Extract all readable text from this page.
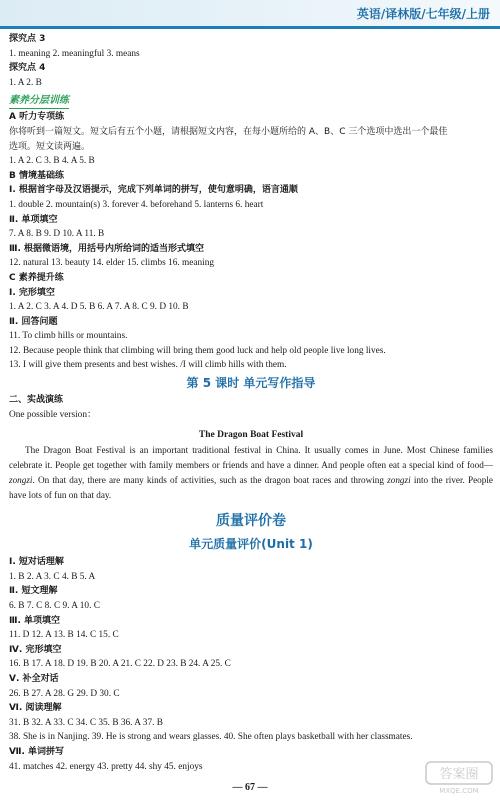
英语/译林版/七年级/上册
探究点 3
1. meaning 2. meaningful 3. means
探究点 4
1. A 2. B
素养分层训练
A 听力专项练
你将听到一篇短文。短文后有五个小题，请根据短文内容，在每小题所给的 A、B、C 三个选项中选出一个最佳
选项。短文读两遍。
1. A 2. C 3. B 4. A 5. B
B 情境基础练
Ⅰ. 根据首字母及汉语提示，完成下列单词的拼写，使句意明确，语言通顺
1. double 2. mountain(s) 3. forever 4. beforehand 5. lanterns 6. heart
Ⅱ. 单项填空
7. A 8. B 9. D 10. A 11. B
Ⅲ. 根据微语境，用括号内所给词的适当形式填空
12. natural 13. beauty 14. elder 15. climbs 16. meaning
C 素养提升练
Ⅰ. 完形填空
1. A 2. C 3. A 4. D 5. B 6. A 7. A 8. C 9. D 10. B
Ⅱ. 回答问题
11. To climb hills or mountains.
12. Because people think that climbing will bring them good luck and help old people live long lives.
13. I will give them presents and best wishes. /I will climb hills with them.
第 5 课时 单元写作指导
二、实战演练
One possible version：
The Dragon Boat Festival
The Dragon Boat Festival is an important traditional festival in China. It usually comes in June. Most Chinese families celebrate it. People get together with family members or friends and have a dinner. And people often eat a special kind of food—zongzi. On that day, there are many kinds of activities, such as the dragon boat races and throwing zongzi into the river. People have lots of fun on that day.
质量评价卷
单元质量评价(Unit 1)
Ⅰ. 短对话理解
1. B 2. A 3. C 4. B 5. A
Ⅱ. 短文理解
6. B 7. C 8. C 9. A 10. C
Ⅲ. 单项填空
11. D 12. A 13. B 14. C 15. C
Ⅳ. 完形填空
16. B 17. A 18. D 19. B 20. A 21. C 22. D 23. B 24. A 25. C
Ⅴ. 补全对话
26. B 27. A 28. G 29. D 30. C
Ⅵ. 阅读理解
31. B 32. A 33. C 34. C 35. B 36. A 37. B
38. She is in Nanjing. 39. He is strong and wears glasses. 40. She often plays basketball with her classmates.
Ⅶ. 单词拼写
41. matches 42. energy 43. pretty 44. shy 45. enjoys
— 67 —
答案圈
MXQE.COM
